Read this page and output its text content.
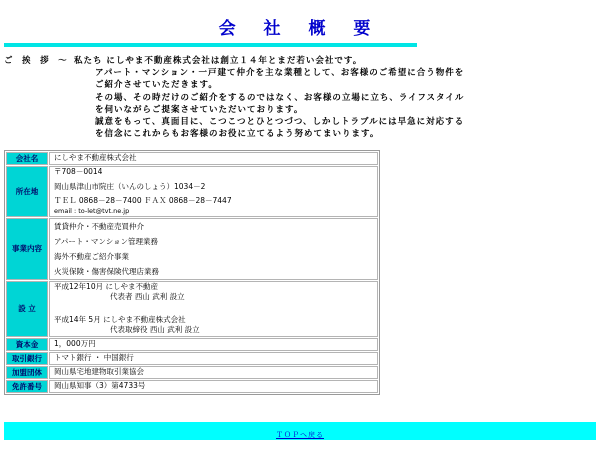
会 社 概 要
ご 挨 拶 ～ 私たち にしやま不動産株式会社は創立１４年とまだ若い会社です。
アパート・マンション・一戸建て仲介を主な業種として、お客様のご希望に合う物件を
ご紹介させていただきます。
その場、その時だけのご紹介をするのではなく、お客様の立場に立ち、ライフスタイル
を伺いながらご提案させていただいております。
誠意をもって、真面目に、こつこつとひとつづつ、しかしトラブルには早急に対応する
を信念にこれからもお客様のお役に立てるよう努めてまいります。
会社名	にしやま不動産株式会社

所在地	〒708－0014
岡山県津山市院庄（いんのしょう）1034－2
ＴＥＬ 0868－28－7400 ＦＡＸ 0868－28－7447
email : to-let@tvt.ne.jp

事業内容	賃貸仲介・不動産売買仲介
アパート・マンション管理業務
海外不動産ご紹介事業
火災保険・傷害保険代理店業務

設 立	平成12年10月 にしやま不動産
代表者 西山 武利 設立
平成14年 5月 にしやま不動産株式会社
代表取締役 西山 武利 設立

資本金	1，000万円

取引銀行	トマト銀行 ・ 中国銀行

加盟団体	岡山県宅地建物取引業協会

免許番号	岡山県知事（3）第4733号
ＴＯＰへ戻る
